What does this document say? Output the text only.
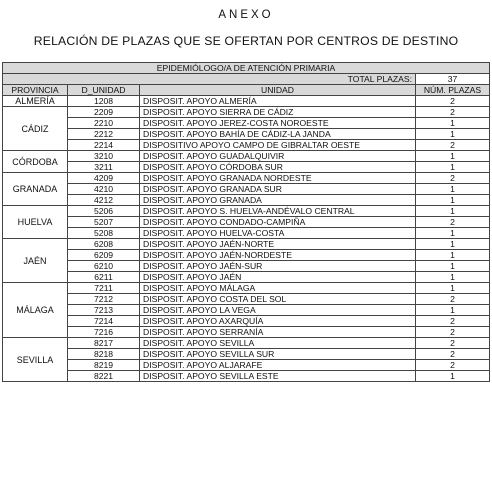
ANEXO
RELACIÓN DE PLAZAS QUE SE OFERTAN POR CENTROS DE DESTINO
EPIDEMIÓLOGO/A DE ATENCIÓN PRIMARIA			
TOTAL PLAZAS:			37
PROVINCIA	D_UNIDAD	UNIDAD	NÚM. PLAZAS
ALMERÍA	1208	DISPOSIT. APOYO ALMERÍA	2
CÁDIZ	2209	DISPOSIT. APOYO SIERRA DE CÁDIZ	2
	2210	DISPOSIT. APOYO JEREZ-COSTA NOROESTE	1
	2212	DISPOSIT. APOYO BAHÍA DE CÁDIZ-LA JANDA	1
	2214	DISPOSITIVO APOYO CAMPO DE GIBRALTAR OESTE	2
CÓRDOBA	3210	DISPOSIT. APOYO GUADALQUIVIR	1
	3211	DISPOSIT. APOYO CÓRDOBA SUR	1
GRANADA	4209	DISPOSIT. APOYO GRANADA NORDESTE	2
	4210	DISPOSIT. APOYO GRANADA SUR	1
	4212	DISPOSIT. APOYO GRANADA	1
HUELVA	5206	DISPOSIT. APOYO S. HUELVA-ANDÉVALO CENTRAL	1
	5207	DISPOSIT. APOYO CONDADO-CAMPIÑA	2
	5208	DISPOSIT. APOYO HUELVA-COSTA	1
JAÉN	6208	DISPOSIT. APOYO JAÉN-NORTE	1
	6209	DISPOSIT. APOYO JAÉN-NORDESTE	1
	6210	DISPOSIT. APOYO JAÉN-SUR	1
	6211	DISPOSIT. APOYO JAÉN	1
MÁLAGA	7211	DISPOSIT. APOYO MÁLAGA	1
	7212	DISPOSIT. APOYO COSTA DEL SOL	2
	7213	DISPOSIT. APOYO LA VEGA	1
	7214	DISPOSIT. APOYO AXARQUÍA	2
	7216	DISPOSIT. APOYO SERRANÍA	2
SEVILLA	8217	DISPOSIT. APOYO SEVILLA	2
	8218	DISPOSIT. APOYO SEVILLA SUR	2
	8219	DISPOSIT. APOYO ALJARAFE	2
	8221	DISPOSIT. APOYO SEVILLA ESTE	1
